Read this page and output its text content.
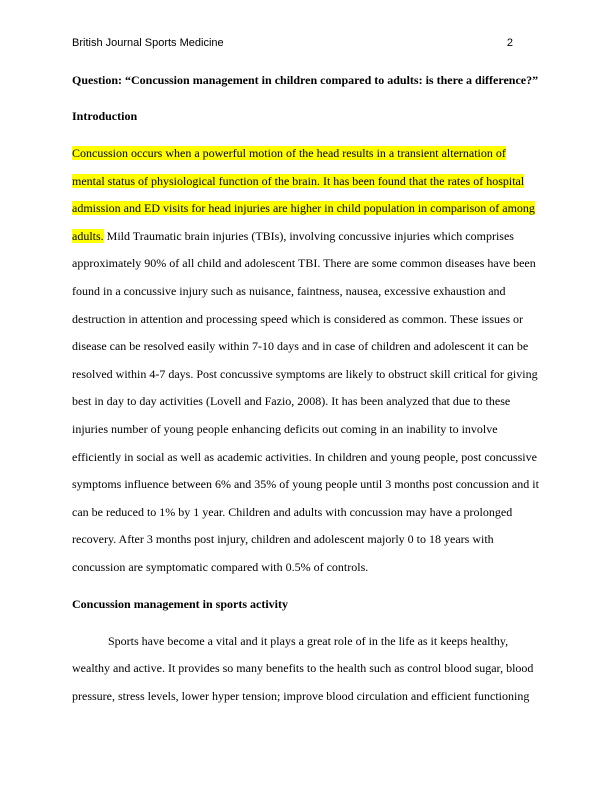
British Journal Sports Medicine	2

Question: “Concussion management in children compared to adults: is there a difference?”

Introduction

Concussion occurs when a powerful motion of the head results in a transient alternation of mental status of physiological function of the brain. It has been found that the rates of hospital admission and ED visits for head injuries are higher in child population in comparison of among adults. Mild Traumatic brain injuries (TBIs), involving concussive injuries which comprises approximately 90% of all child and adolescent TBI. There are some common diseases have been found in a concussive injury such as nuisance, faintness, nausea, excessive exhaustion and destruction in attention and processing speed which is considered as common. These issues or disease can be resolved easily within 7-10 days and in case of children and adolescent it can be resolved within 4-7 days. Post concussive symptoms are likely to obstruct skill critical for giving best in day to day activities (Lovell and Fazio, 2008). It has been analyzed that due to these injuries number of young people enhancing deficits out coming in an inability to involve efficiently in social as well as academic activities. In children and young people, post concussive symptoms influence between 6% and 35% of young people until 3 months post concussion and it can be reduced to 1% by 1 year. Children and adults with concussion may have a prolonged recovery. After 3 months post injury, children and adolescent majorly 0 to 18 years with concussion are symptomatic compared with 0.5% of controls.

Concussion management in sports activity

Sports have become a vital and it plays a great role of in the life as it keeps healthy, wealthy and active. It provides so many benefits to the health such as control blood sugar, blood pressure, stress levels, lower hyper tension; improve blood circulation and efficient functioning
